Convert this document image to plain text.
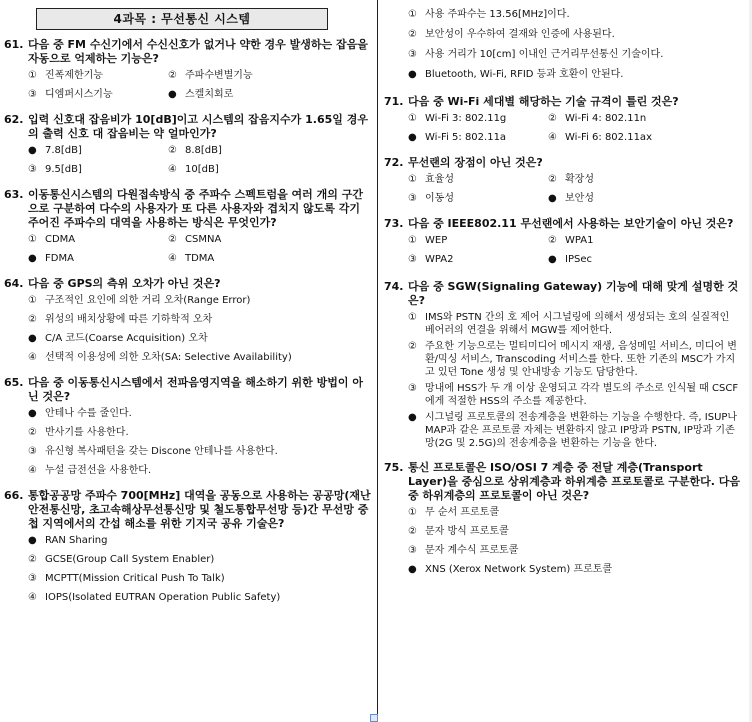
4과목 : 무선통신 시스템
61. 다음 중 FM 수신기에서 수신신호가 없거나 약한 경우 발생하는 잡음을 자동으로 억제하는 기능은?
① 진폭제한기능	② 주파수변별기능
③ 디엠퍼시스기능	● 스켈치회로
62. 입력 신호대 잡음비가 10[dB]이고 시스템의 잡음지수가 1.65일 경우의 출력 신호 대 잡음비는 약 얼마인가?
● 7.8[dB]	② 8.8[dB]
③ 9.5[dB]	④ 10[dB]
63. 이동통신시스템의 다원접속방식 중 주파수 스펙트럼을 여러 개의 구간으로 구분하여 다수의 사용자가 또 다른 사용자와 겹치지 않도록 각기 주어진 주파수의 대역을 사용하는 방식은 무엇인가?
① CDMA	② CSMNA
● FDMA	④ TDMA
64. 다음 중 GPS의 측위 오차가 아닌 것은?
① 구조적인 요인에 의한 거리 오차(Range Error)
② 위성의 배치상황에 따른 기하학적 오차
● C/A 코드(Coarse Acquisition) 오차
④ 선택적 이용성에 의한 오차(SA: Selective Availability)
65. 다음 중 이동통신시스템에서 전파음영지역을 해소하기 위한 방법이 아닌 것은?
● 안테나 수를 줄인다.
② 반사기를 사용한다.
③ 유신형 복사패턴을 갖는 Discone 안테나를 사용한다.
④ 누설 급전선을 사용한다.
66. 통합공공망 주파수 700[MHz] 대역을 공동으로 사용하는 공공망(재난안전통신망, 초고속해상무선통신망 및 철도통합무선망 등)간 무선망 중첩 지역에서의 간섭 해소를 위한 기지국 공유 기술은?
● RAN Sharing
② GCSE(Group Call System Enabler)
③ MCPTT(Mission Critical Push To Talk)
④ IOPS(Isolated EUTRAN Operation Public Safety)
① 사용 주파수는 13.56[MHz]이다.
② 보안성이 우수하여 결재와 인증에 사용된다.
③ 사용 거리가 10[cm] 이내인 근거리무선통신 기술이다.
● Bluetooth, Wi-Fi, RFID 등과 호환이 안된다.
71. 다음 중 Wi-Fi 세대별 해당하는 기술 규격이 틀린 것은?
① Wi-Fi 3: 802.11g	② Wi-Fi 4: 802.11n
● Wi-Fi 5: 802.11a	④ Wi-Fi 6: 802.11ax
72. 무선랜의 장점이 아닌 것은?
① 효율성	② 확장성
③ 이동성	● 보안성
73. 다음 중 IEEE802.11 무선랜에서 사용하는 보안기술이 아닌 것은?
① WEP	② WPA1
③ WPA2	● IPSec
74. 다음 중 SGW(Signaling Gateway) 기능에 대해 맞게 설명한 것은?
① IMS와 PSTN 간의 호 제어 시그널링에 의해서 생성되는 호의 실질적인 베어러의 연결을 위해서 MGW를 제어한다.
② 주요한 기능으로는 멀티미디어 메시지 재생, 음성메일 서비스, 미디어 변환/믹싱 서비스, Transcoding 서비스를 한다. 또한 기존의 MSC가 가지고 있던 Tone 생성 및 안내방송 기능도 담당한다.
③ 망내에 HSS가 두 개 이상 운영되고 각각 별도의 주소로 인식될 때 CSCF에게 적절한 HSS의 주소를 제공한다.
● 시그널링 프로토콜의 전송계층을 변환하는 기능을 수행한다. 즉, ISUP나 MAP과 같은 프로토콜 자체는 변환하지 않고 IP망과 PSTN, IP망과 기존망(2G 및 2.5G)의 전송계층을 변환하는 기능을 한다.
75. 통신 프로토콜은 ISO/OSI 7 계층 중 전달 계층(Transport Layer)을 중심으로 상위계층과 하위계층 프로토콜로 구분한다. 다음 중 하위계층의 프로토콜이 아닌 것은?
① 무 순서 프로토콜
② 문자 방식 프로토콜
③ 문자 계수식 프로토콜
● XNS (Xerox Network System) 프로토콜
